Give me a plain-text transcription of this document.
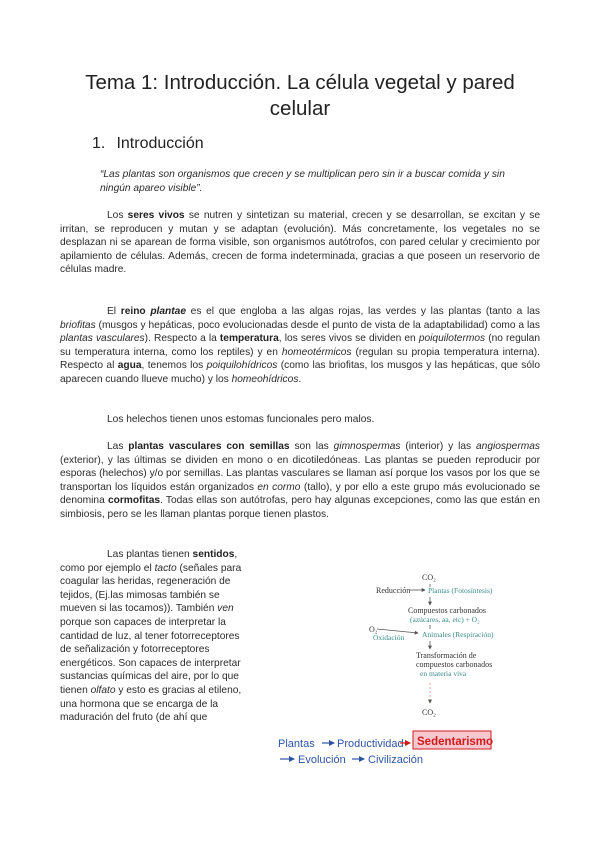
Tema 1: Introducción. La célula vegetal y pared
celular
1. Introducción

“Las plantas son organismos que crecen y se multiplican pero sin ir a buscar comida y sin ningún apareo visible”.

Los seres vivos se nutren y sintetizan su material, crecen y se desarrollan, se excitan y se irritan, se reproducen y mutan y se adaptan (evolución). Más concretamente, los vegetales no se desplazan ni se aparean de forma visible, son organismos autótrofos, con pared celular y crecimiento por apilamiento de células. Además, crecen de forma indeterminada, gracias a que poseen un reservorio de células madre.

El reino plantae es el que engloba a las algas rojas, las verdes y las plantas (tanto a las briofitas (musgos y hepáticas, poco evolucionadas desde el punto de vista de la adaptabilidad) como a las plantas vasculares). Respecto a la temperatura, los seres vivos se dividen en poiquilotermos (no regulan su temperatura interna, como los reptiles) y en homeotérmicos (regulan su propia temperatura interna). Respecto al agua, tenemos los poiquilohídricos (como las briofitas, los musgos y las hepáticas, que sólo aparecen cuando llueve mucho) y los homeohídricos.

Los helechos tienen unos estomas funcionales pero malos.

Las plantas vasculares con semillas son las gimnospermas (interior) y las angiospermas (exterior), y las últimas se dividen en mono o en dicotiledóneas. Las plantas se pueden reproducir por esporas (helechos) y/o por semillas. Las plantas vasculares se llaman así porque los vasos por los que se transportan los líquidos están organizados en cormo (tallo), y por ello a este grupo más evolucionado se denomina cormofitas. Todas ellas son autótrofas, pero hay algunas excepciones, como las que están en simbiosis, pero se les llaman plantas porque tienen plastos.

Las plantas tienen sentidos, como por ejemplo el tacto (señales para coagular las heridas, regeneración de tejidos, (Ej.las mimosas también se mueven si las tocamos)). También ven porque son capaces de interpretar la cantidad de luz, al tener fotorreceptores de señalización y fotorreceptores energéticos. Son capaces de interpretar sustancias químicas del aire, por lo que tienen olfato y esto es gracias al etileno, una hormona que se encarga de la maduración del fruto (de ahí que

CO₂
Reducción Plantas (Fotosíntesis)
Compuestos carbonados
(azúcares, aa, etc) + O₂
O₂
Oxidación Animales (Respiración)
Transformación de
compuestos carbonados
en materia viva
CO₂
Plantas Productividad Sedentarismo
Evolución Civilización
